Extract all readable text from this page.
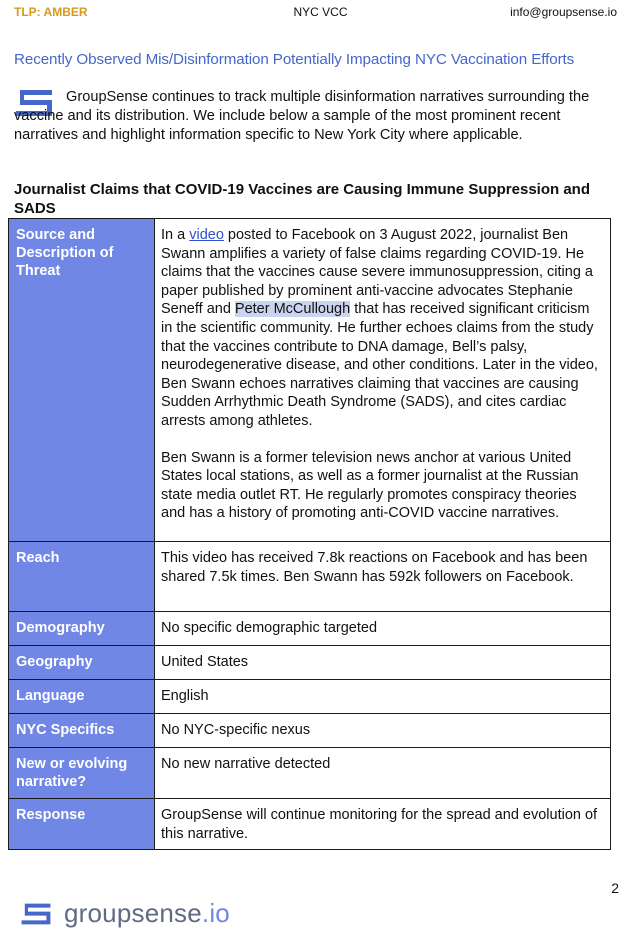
TLP: AMBER	NYC VCC	info@groupsense.io
Recently Observed Mis/Disinformation Potentially Impacting NYC Vaccination Efforts
GroupSense continues to track multiple disinformation narratives surrounding the vaccine and its distribution. We include below a sample of the most prominent recent narratives and highlight information specific to New York City where applicable.
Journalist Claims that COVID-19 Vaccines are Causing Immune Suppression and SADS
Source and Description of Threat	In a video posted to Facebook on 3 August 2022, journalist Ben Swann amplifies a variety of false claims regarding COVID-19. He claims that the vaccines cause severe immunosuppression, citing a paper published by prominent anti-vaccine advocates Stephanie Seneff and Peter McCullough that has received significant criticism in the scientific community. He further echoes claims from the study that the vaccines contribute to DNA damage, Bell’s palsy, neurodegenerative disease, and other conditions. Later in the video, Ben Swann echoes narratives claiming that vaccines are causing Sudden Arrhythmic Death Syndrome (SADS), and cites cardiac arrests among athletes.

Ben Swann is a former television news anchor at various United States local stations, as well as a former journalist at the Russian state media outlet RT. He regularly promotes conspiracy theories and has a history of promoting anti-COVID vaccine narratives.

Reach	This video has received 7.8k reactions on Facebook and has been shared 7.5k times. Ben Swann has 592k followers on Facebook.
Demography	No specific demographic targeted
Geography	United States
Language	English
NYC Specifics	No NYC-specific nexus
New or evolving narrative?	No new narrative detected
Response	GroupSense will continue monitoring for the spread and evolution of this narrative.
2
groupsense.io
